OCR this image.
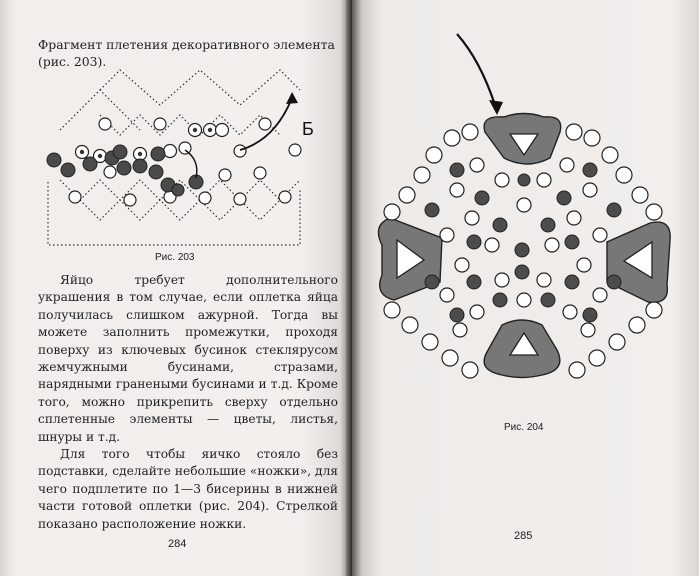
Фрагмент плетения декоративного элемента (рис. 203).
Б
Рис. 203

Яйцо требует дополнительного украшения в том случае, если оплетка яйца получилась слишком ажурной. Тогда вы можете заполнить промежутки, проходя поверху из ключевых бусинок стеклярусом жемчужными бусинами, стразами, нарядными гранеными бусинами и т.д. Кроме того, можно прикрепить сверху отдельно сплетенные элементы — цветы, листья, шнуры и т.д.

Для того чтобы яичко стояло без подставки, сделайте небольшие «ножки», для чего подплетите по 1—3 бисерины в нижней части готовой оплетки (рис. 204). Стрелкой показано расположение ножки.

284
Рис. 204
285
